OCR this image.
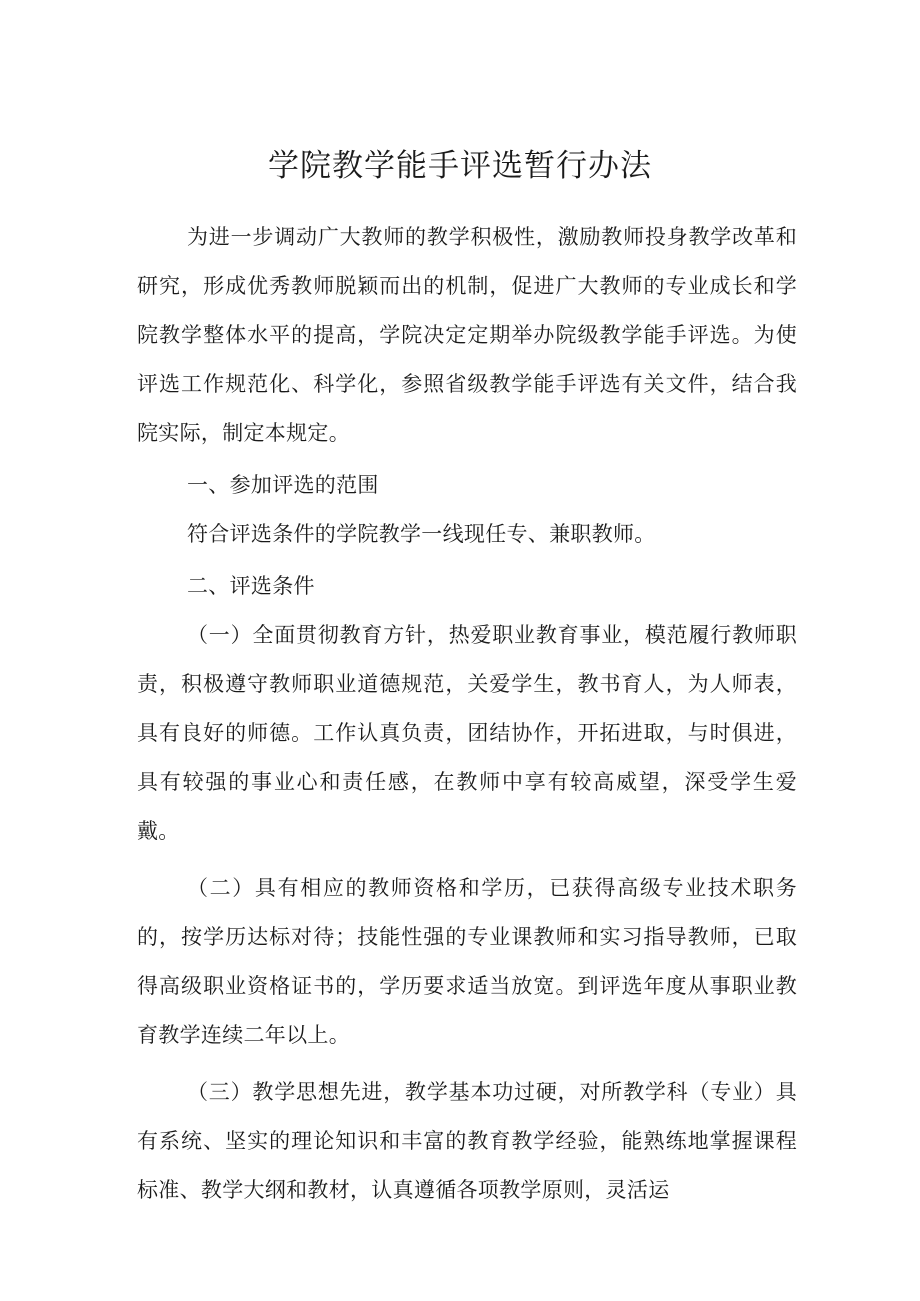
学院教学能手评选暂行办法

为进一步调动广大教师的教学积极性，激励教师投身教学改革和研究，形成优秀教师脱颖而出的机制，促进广大教师的专业成长和学院教学整体水平的提高，学院决定定期举办院级教学能手评选。为使评选工作规范化、科学化，参照省级教学能手评选有关文件，结合我院实际，制定本规定。

一、参加评选的范围

符合评选条件的学院教学一线现任专、兼职教师。

二、评选条件

（一）全面贯彻教育方针，热爱职业教育事业，模范履行教师职责，积极遵守教师职业道德规范，关爱学生，教书育人，为人师表，具有良好的师德。工作认真负责，团结协作，开拓进取，与时俱进，具有较强的事业心和责任感，在教师中享有较高威望，深受学生爱戴。

（二）具有相应的教师资格和学历，已获得高级专业技术职务的，按学历达标对待；技能性强的专业课教师和实习指导教师，已取得高级职业资格证书的，学历要求适当放宽。到评选年度从事职业教育教学连续二年以上。

（三）教学思想先进，教学基本功过硬，对所教学科（专业）具有系统、坚实的理论知识和丰富的教育教学经验，能熟练地掌握课程标准、教学大纲和教材，认真遵循各项教学原则，灵活运
